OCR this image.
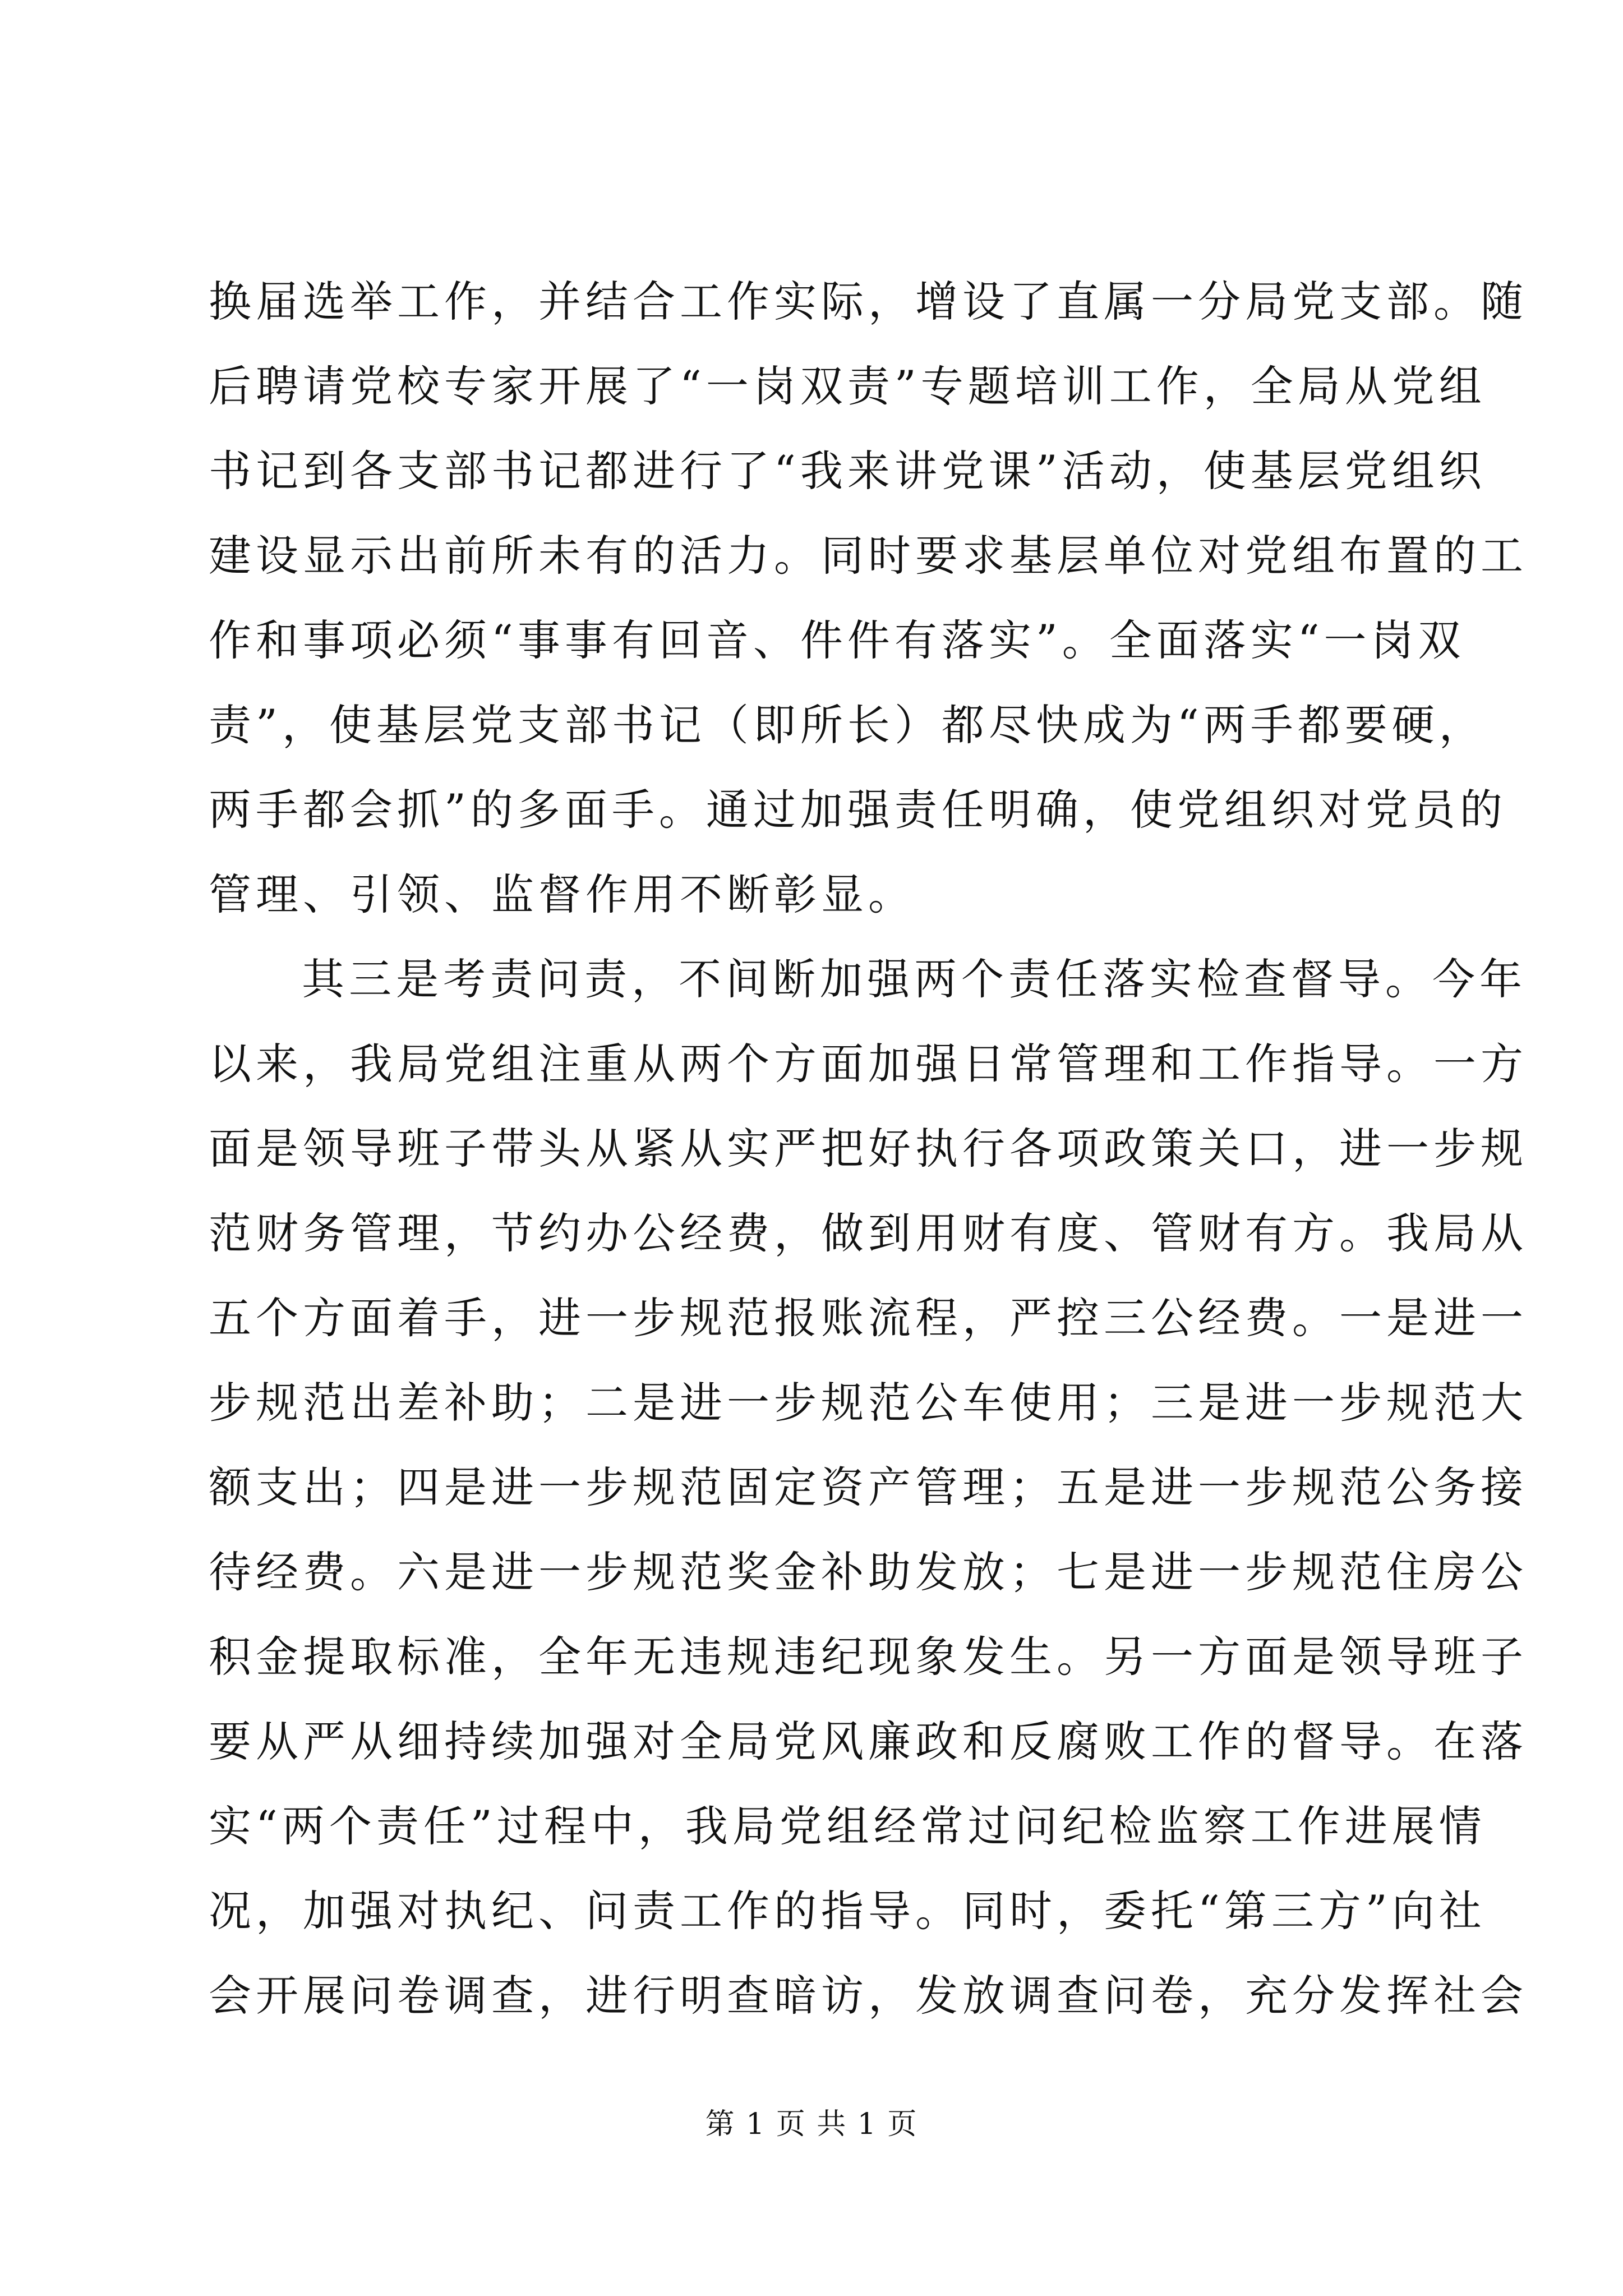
换届选举工作，并结合工作实际，增设了直属一分局党支部。随
后聘请党校专家开展了“一岗双责”专题培训工作，全局从党组
书记到各支部书记都进行了“我来讲党课”活动，使基层党组织
建设显示出前所未有的活力。同时要求基层单位对党组布置的工
作和事项必须“事事有回音、件件有落实”。全面落实“一岗双
责”，使基层党支部书记（即所长）都尽快成为“两手都要硬，
两手都会抓”的多面手。通过加强责任明确，使党组织对党员的
管理、引领、监督作用不断彰显。
其三是考责问责，不间断加强两个责任落实检查督导。今年
以来，我局党组注重从两个方面加强日常管理和工作指导。一方
面是领导班子带头从紧从实严把好执行各项政策关口，进一步规
范财务管理，节约办公经费，做到用财有度、管财有方。我局从
五个方面着手，进一步规范报账流程，严控三公经费。一是进一
步规范出差补助；二是进一步规范公车使用；三是进一步规范大
额支出；四是进一步规范固定资产管理；五是进一步规范公务接
待经费。六是进一步规范奖金补助发放；七是进一步规范住房公
积金提取标准，全年无违规违纪现象发生。另一方面是领导班子
要从严从细持续加强对全局党风廉政和反腐败工作的督导。在落
实“两个责任”过程中，我局党组经常过问纪检监察工作进展情
况，加强对执纪、问责工作的指导。同时，委托“第三方”向社
会开展问卷调查，进行明查暗访，发放调查问卷，充分发挥社会
第 1 页 共 1 页
